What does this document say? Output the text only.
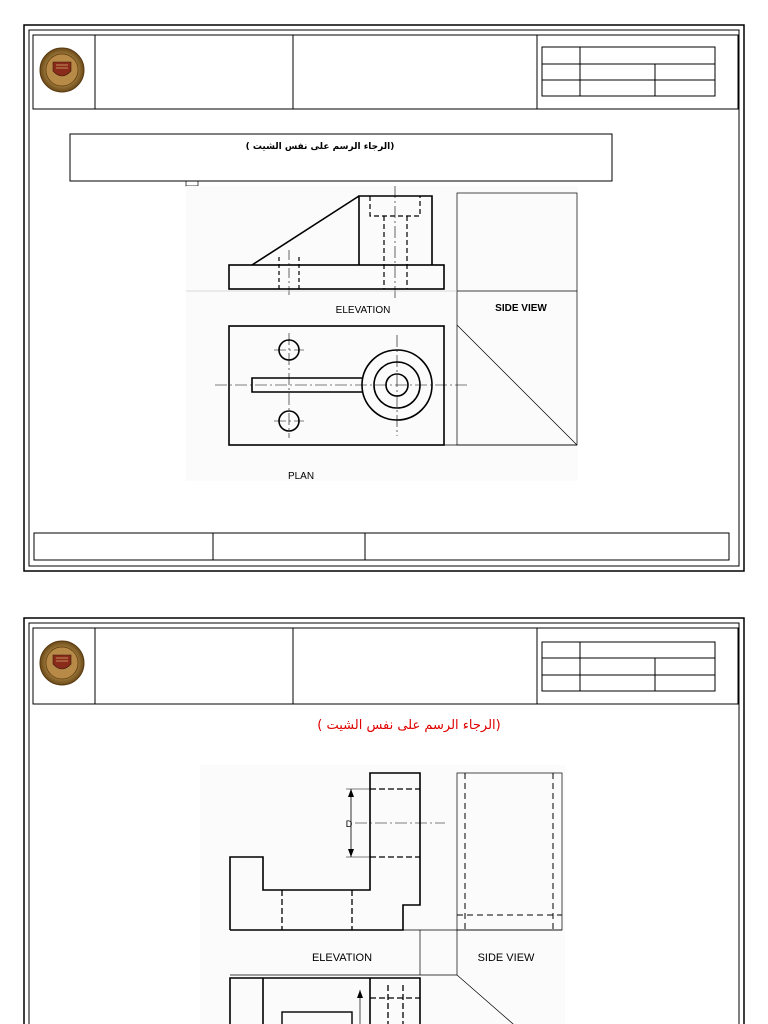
(الرجاء الرسم على نفس الشيت )
ELEVATION	SIDE VIEW
PLAN
(الرجاء الرسم على نفس الشيت )
ELEVATION	SIDE VIEW
D
